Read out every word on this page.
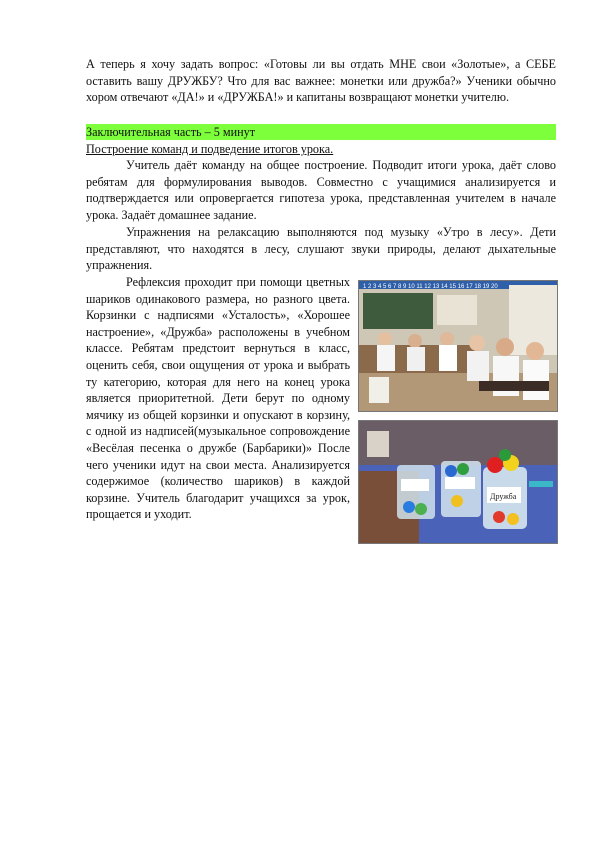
А теперь я хочу задать вопрос: «Готовы ли вы отдать МНЕ свои «Золотые», а СЕБЕ оставить вашу ДРУЖБУ? Что для вас важнее: монетки или дружба?» Ученики обычно хором отвечают «ДА!» и «ДРУЖБА!» и капитаны возвращают монетки учителю.

Заключительная часть – 5 минут
Построение команд и подведение итогов урока.

Учитель даёт команду на общее построение. Подводит итоги урока, даёт слово ребятам для формулирования выводов. Совместно с учащимися анализируется и подтверждается или опровергается гипотеза урока, представленная учителем в начале урока. Задаёт домашнее задание.

Упражнения на релаксацию выполняются под музыку «Утро в лесу». Дети представляют, что находятся в лесу, слушают звуки природы, делают дыхательные упражнения.

Рефлексия проходит при помощи цветных шариков одинакового размера, но разного цвета. Корзинки с надписями «Усталость», «Хорошее настроение», «Дружба» расположены в учебном классе. Ребятам предстоит вернуться в класс, оценить себя, свои ощущения от урока и выбрать ту категорию, которая для него на конец урока является приоритетной. Дети берут по одному мячику из общей корзинки и опускают в корзину, с одной из надписей(музыкальное сопровождение «Весёлая песенка о дружбе (Барбарики)» После чего ученики идут на свои места. Анализируется содержимое (количество шариков) в каждой корзине. Учитель благодарит учащихся за урок, прощается и уходит.

1 2 3 4 5 6 7 8 9 10 11 12 13 14 15 16 17 18 19 20
Дружба
